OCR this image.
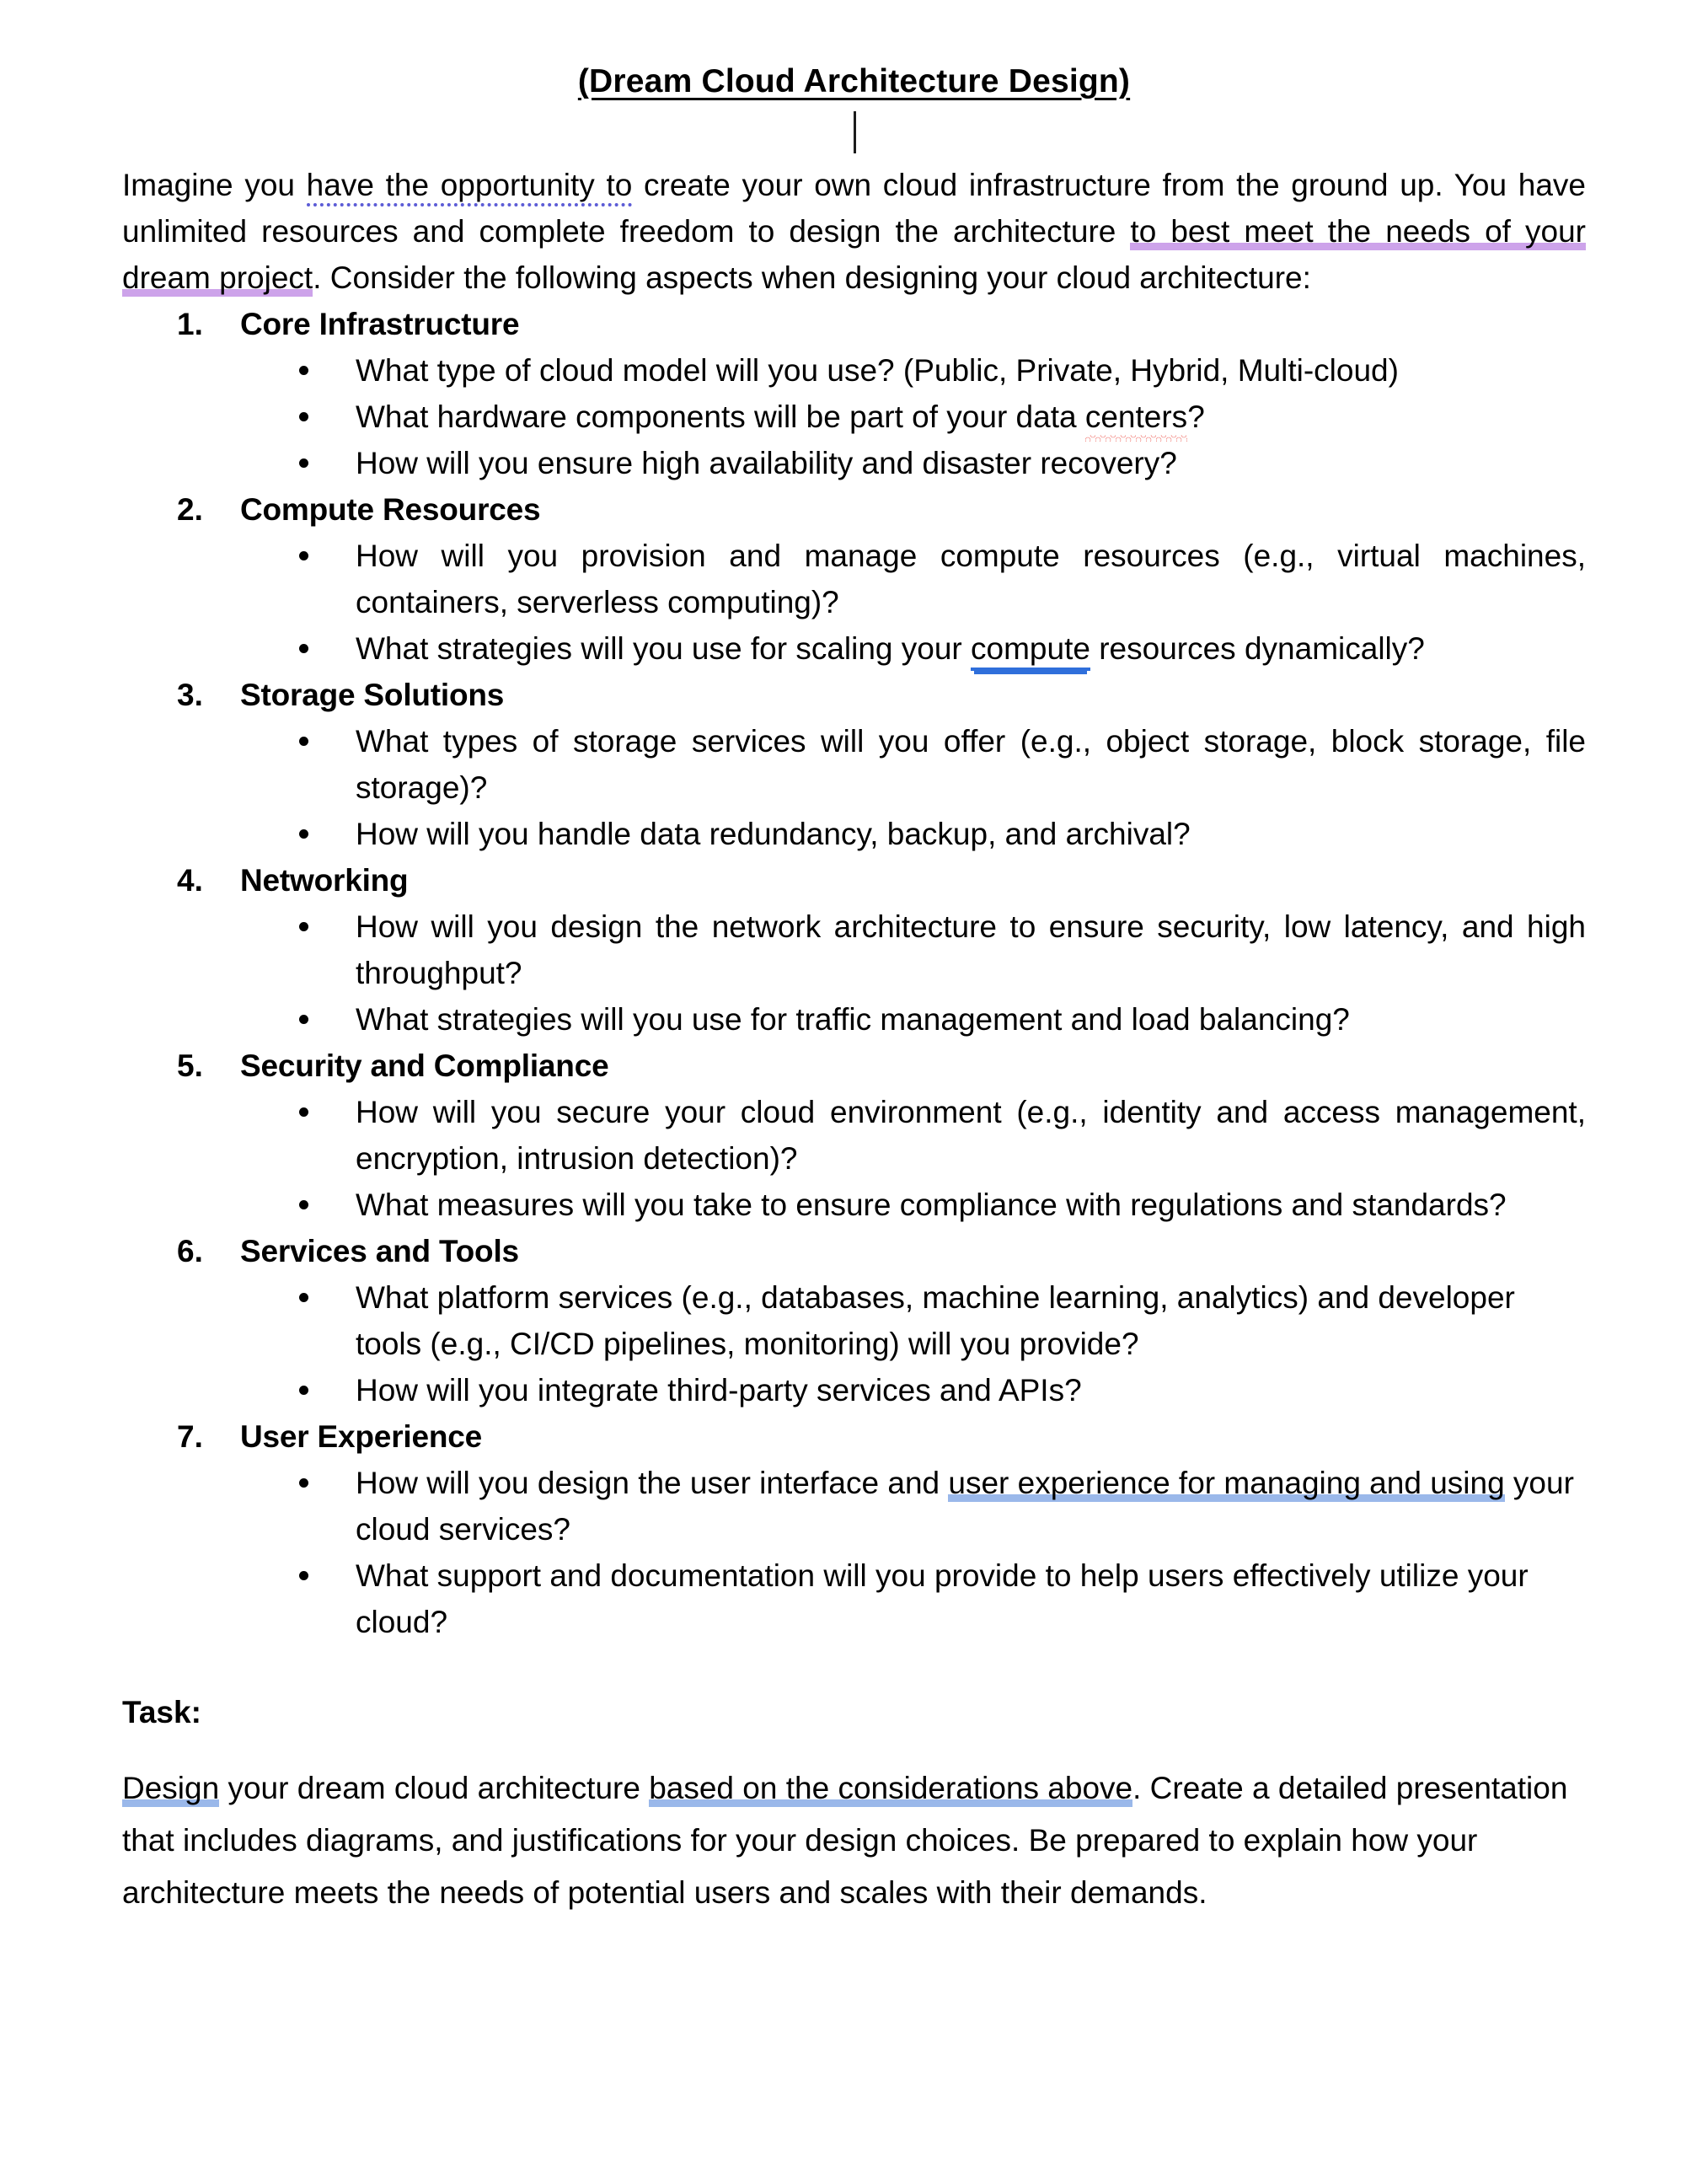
(Dream Cloud Architecture Design)

Imagine you have the opportunity to create your own cloud infrastructure from the ground up. You have unlimited resources and complete freedom to design the architecture to best meet the needs of your dream project. Consider the following aspects when designing your cloud architecture:

1. Core Infrastructure
What type of cloud model will you use? (Public, Private, Hybrid, Multi-cloud)
What hardware components will be part of your data centers?
How will you ensure high availability and disaster recovery?
2. Compute Resources
How will you provision and manage compute resources (e.g., virtual machines, containers, serverless computing)?
What strategies will you use for scaling your compute resources dynamically?
3. Storage Solutions
What types of storage services will you offer (e.g., object storage, block storage, file storage)?
How will you handle data redundancy, backup, and archival?
4. Networking
How will you design the network architecture to ensure security, low latency, and high throughput?
What strategies will you use for traffic management and load balancing?
5. Security and Compliance
How will you secure your cloud environment (e.g., identity and access management, encryption, intrusion detection)?
What measures will you take to ensure compliance with regulations and standards?
6. Services and Tools
What platform services (e.g., databases, machine learning, analytics) and developer tools (e.g., CI/CD pipelines, monitoring) will you provide?
How will you integrate third-party services and APIs?
7. User Experience
How will you design the user interface and user experience for managing and using your cloud services?
What support and documentation will you provide to help users effectively utilize your cloud?

Task:

Design your dream cloud architecture based on the considerations above. Create a detailed presentation that includes diagrams, and justifications for your design choices. Be prepared to explain how your architecture meets the needs of potential users and scales with their demands.
